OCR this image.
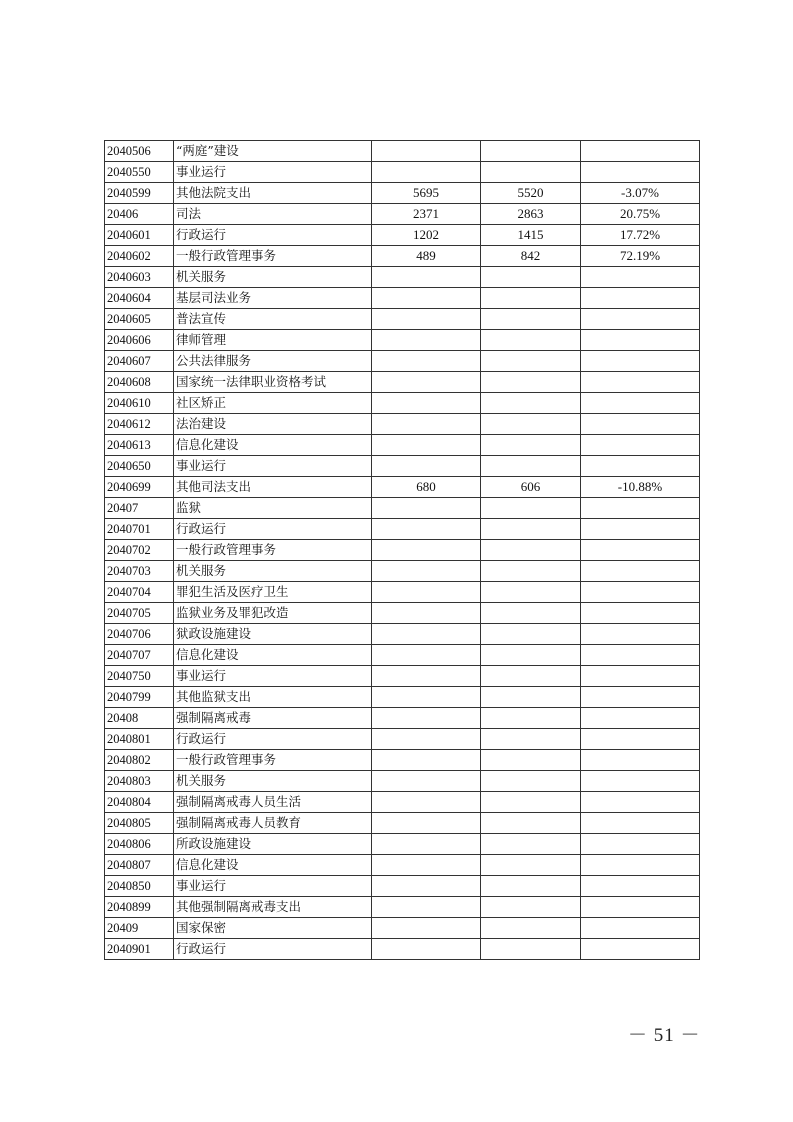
2040506	“两庭”建设			
2040550	事业运行			
2040599	其他法院支出	5695	5520	-3.07%
20406	司法	2371	2863	20.75%
2040601	行政运行	1202	1415	17.72%
2040602	一般行政管理事务	489	842	72.19%
2040603	机关服务			
2040604	基层司法业务			
2040605	普法宣传			
2040606	律师管理			
2040607	公共法律服务			
2040608	国家统一法律职业资格考试			
2040610	社区矫正			
2040612	法治建设			
2040613	信息化建设			
2040650	事业运行			
2040699	其他司法支出	680	606	-10.88%
20407	监狱			
2040701	行政运行			
2040702	一般行政管理事务			
2040703	机关服务			
2040704	罪犯生活及医疗卫生			
2040705	监狱业务及罪犯改造			
2040706	狱政设施建设			
2040707	信息化建设			
2040750	事业运行			
2040799	其他监狱支出			
20408	强制隔离戒毒			
2040801	行政运行			
2040802	一般行政管理事务			
2040803	机关服务			
2040804	强制隔离戒毒人员生活			
2040805	强制隔离戒毒人员教育			
2040806	所政设施建设			
2040807	信息化建设			
2040850	事业运行			
2040899	其他强制隔离戒毒支出			
20409	国家保密			
2040901	行政运行			
－ 51 －
